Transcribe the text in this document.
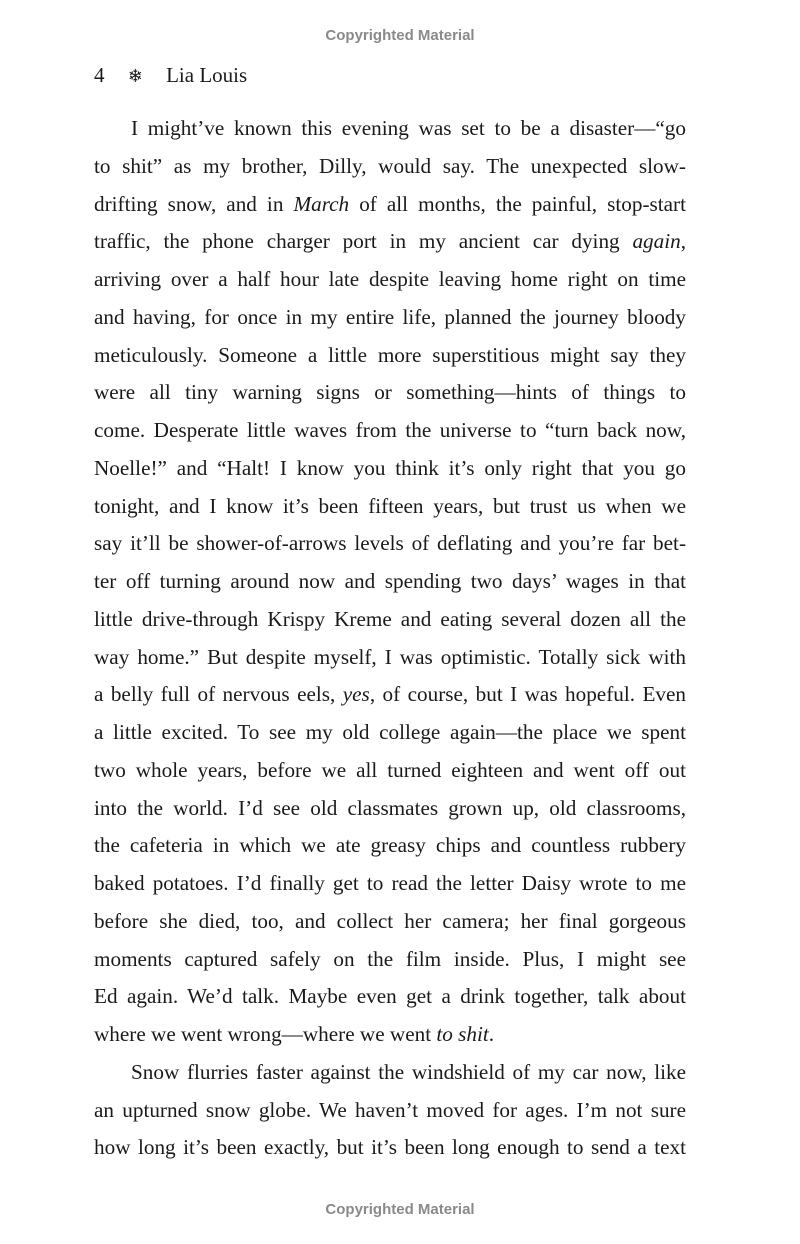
Copyrighted Material
4 ❄ Lia Louis
I might’ve known this evening was set to be a disaster—“go
to shit” as my brother, Dilly, would say. The unexpected slow-
drifting snow, and in March of all months, the painful, stop-start
traffic, the phone charger port in my ancient car dying again,
arriving over a half hour late despite leaving home right on time
and having, for once in my entire life, planned the journey bloody
meticulously. Someone a little more superstitious might say they
were all tiny warning signs or something—hints of things to
come. Desperate little waves from the universe to “turn back now,
Noelle!” and “Halt! I know you think it’s only right that you go
tonight, and I know it’s been fifteen years, but trust us when we
say it’ll be shower-of-arrows levels of deflating and you’re far bet-
ter off turning around now and spending two days’ wages in that
little drive-through Krispy Kreme and eating several dozen all the
way home.” But despite myself, I was optimistic. Totally sick with
a belly full of nervous eels, yes, of course, but I was hopeful. Even
a little excited. To see my old college again—the place we spent
two whole years, before we all turned eighteen and went off out
into the world. I’d see old classmates grown up, old classrooms,
the cafeteria in which we ate greasy chips and countless rubbery
baked potatoes. I’d finally get to read the letter Daisy wrote to me
before she died, too, and collect her camera; her final gorgeous
moments captured safely on the film inside. Plus, I might see
Ed again. We’d talk. Maybe even get a drink together, talk about
where we went wrong—where we went to shit.
Snow flurries faster against the windshield of my car now, like
an upturned snow globe. We haven’t moved for ages. I’m not sure
how long it’s been exactly, but it’s been long enough to send a text
Copyrighted Material
